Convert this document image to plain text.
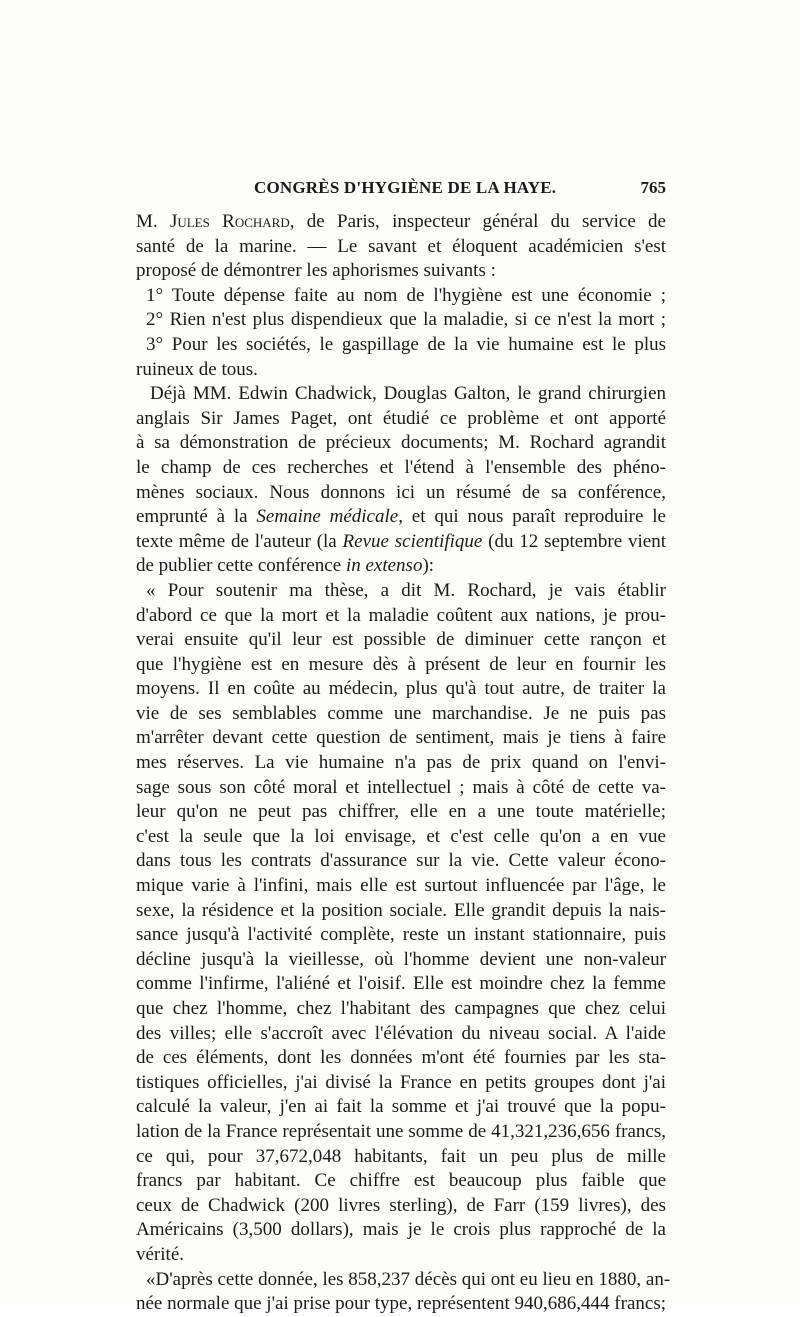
CONGRÈS D'HYGIÈNE DE LA HAYE.	765
M. Jules Rochard, de Paris, inspecteur général du service de
santé de la marine. — Le savant et éloquent académicien s'est
proposé de démontrer les aphorismes suivants :
1° Toute dépense faite au nom de l'hygiène est une économie ;
2° Rien n'est plus dispendieux que la maladie, si ce n'est la mort ;
3° Pour les sociétés, le gaspillage de la vie humaine est le plus
ruineux de tous.
Déjà MM. Edwin Chadwick, Douglas Galton, le grand chirurgien
anglais Sir James Paget, ont étudié ce problème et ont apporté
à sa démonstration de précieux documents; M. Rochard agrandit
le champ de ces recherches et l'étend à l'ensemble des phéno-
mènes sociaux. Nous donnons ici un résumé de sa conférence,
emprunté à la Semaine médicale, et qui nous paraît reproduire le
texte même de l'auteur (la Revue scientifique (du 12 septembre vient
de publier cette conférence in extenso):
« Pour soutenir ma thèse, a dit M. Rochard, je vais établir
d'abord ce que la mort et la maladie coûtent aux nations, je prou-
verai ensuite qu'il leur est possible de diminuer cette rançon et
que l'hygiène est en mesure dès à présent de leur en fournir les
moyens. Il en coûte au médecin, plus qu'à tout autre, de traiter la
vie de ses semblables comme une marchandise. Je ne puis pas
m'arrêter devant cette question de sentiment, mais je tiens à faire
mes réserves. La vie humaine n'a pas de prix quand on l'envi-
sage sous son côté moral et intellectuel ; mais à côté de cette va-
leur qu'on ne peut pas chiffrer, elle en a une toute matérielle;
c'est la seule que la loi envisage, et c'est celle qu'on a en vue
dans tous les contrats d'assurance sur la vie. Cette valeur écono-
mique varie à l'infini, mais elle est surtout influencée par l'âge, le
sexe, la résidence et la position sociale. Elle grandit depuis la nais-
sance jusqu'à l'activité complète, reste un instant stationnaire, puis
décline jusqu'à la vieillesse, où l'homme devient une non-valeur
comme l'infirme, l'aliéné et l'oisif. Elle est moindre chez la femme
que chez l'homme, chez l'habitant des campagnes que chez celui
des villes; elle s'accroît avec l'élévation du niveau social. A l'aide
de ces éléments, dont les données m'ont été fournies par les sta-
tistiques officielles, j'ai divisé la France en petits groupes dont j'ai
calculé la valeur, j'en ai fait la somme et j'ai trouvé que la popu-
lation de la France représentait une somme de 41,321,236,656 francs,
ce qui, pour 37,672,048 habitants, fait un peu plus de mille
francs par habitant. Ce chiffre est beaucoup plus faible que
ceux de Chadwick (200 livres sterling), de Farr (159 livres), des
Américains (3,500 dollars), mais je le crois plus rapproché de la
vérité.
«D'après cette donnée, les 858,237 décès qui ont eu lieu en 1880, an-
née normale que j'ai prise pour type, représentent 940,686,444 francs;
